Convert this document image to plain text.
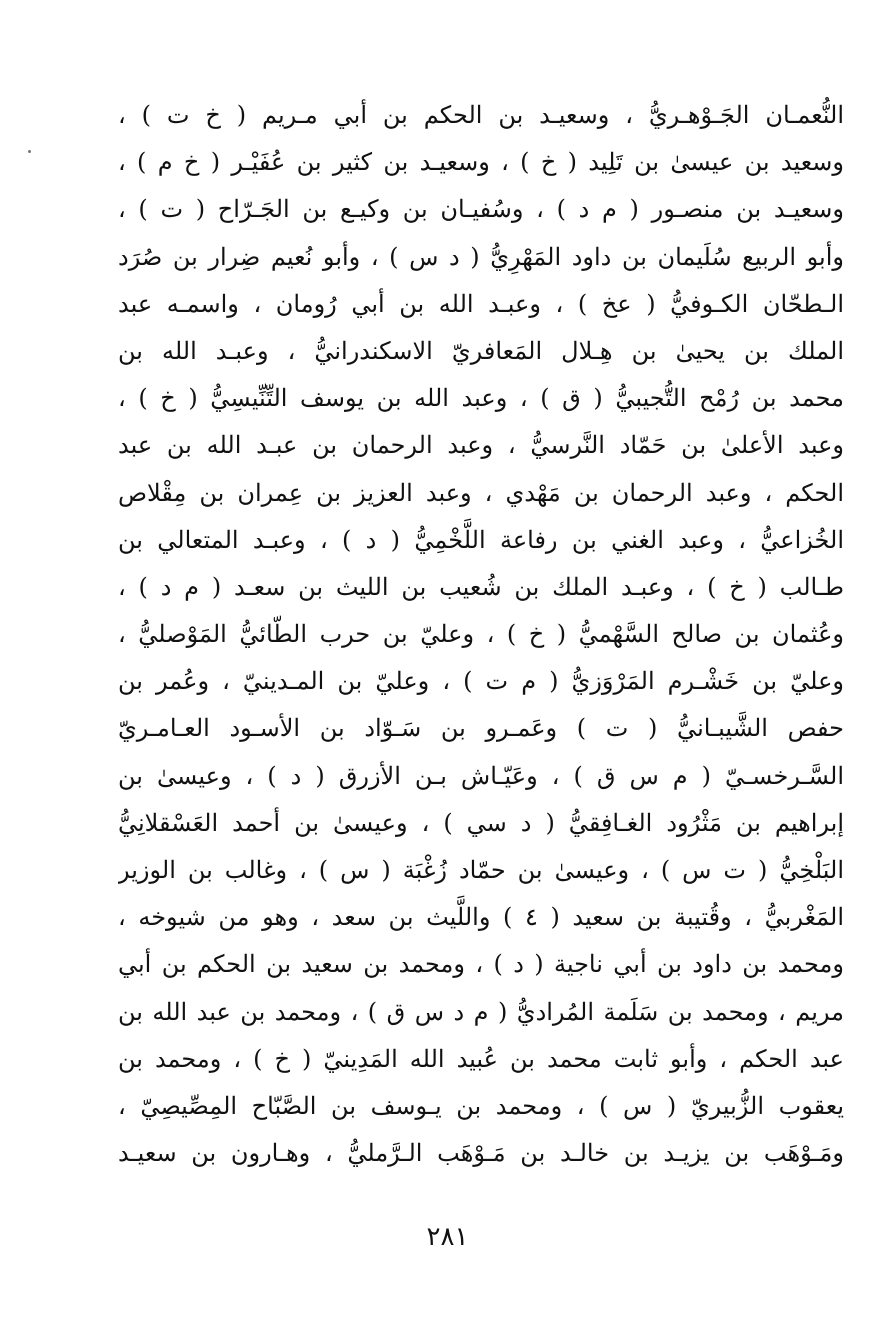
النُّعمـان الجَـوْهـريُّ ، وسعيـد بن الحكم بن أبي مـريم ( خ ت ) ،
وسعيد بن عيسىٰ بن تَلِيد ( خ ) ، وسعيـد بن كثير بن عُفَيْـر ( خ م ) ،
وسعيـد بن منصـور ( م د ) ، وسُفيـان بن وكيـع بن الجَـرّاح ( ت ) ،
وأبو الربيع سُلَيمان بن داود المَهْرِيُّ ( د س ) ، وأبو نُعيم ضِرار بن صُرَد
الـطحّان الكـوفيُّ ( عخ ) ، وعبـد الله بن أبي رُومان ، واسمـه عبد
الملك بن يحيىٰ بن هِـلال المَعافريّ الاسكندرانيُّ ، وعبـد الله بن
محمد بن رُمْح التُّجيبيُّ ( ق ) ، وعبد الله بن يوسف التِّنِّيسِيُّ ( خ ) ،
وعبد الأعلىٰ بن حَمّاد النَّرسيُّ ، وعبد الرحمان بن عبـد الله بن عبد
الحكم ، وعبد الرحمان بن مَهْدي ، وعبد العزيز بن عِمران بن مِقْلاص
الخُزاعيُّ ، وعبد الغني بن رفاعة اللَّخْمِيُّ ( د ) ، وعبـد المتعالي بن
طـالب ( خ ) ، وعبـد الملك بن شُعيب بن الليث بن سعـد ( م د ) ،
وعُثمان بن صالح السَّهْميُّ ( خ ) ، وعليّ بن حرب الطّائيُّ المَوْصليُّ ،
وعليّ بن خَشْـرم المَرْوَزيُّ ( م ت ) ، وعليّ بن المـدينيّ ، وعُمر بن
حفص الشَّيبـانيُّ ( ت ) وعَمـرو بن سَـوّاد بن الأسـود العـامـريّ
السَّـرخسـيّ ( م س ق ) ، وعَيّـاش بـن الأزرق ( د ) ، وعيسىٰ بن
إبراهيم بن مَثْرُود الغـافِقيُّ ( د سي ) ، وعيسىٰ بن أحمد العَسْقلانِيُّ
البَلْخِيُّ ( ت س ) ، وعيسىٰ بن حمّاد زُغْبَة ( س ) ، وغالب بن الوزير
المَغْربيُّ ، وقُتيبة بن سعيد ( ٤ ) واللَّيث بن سعد ، وهو من شيوخه ،
ومحمد بن داود بن أبي ناجية ( د ) ، ومحمد بن سعيد بن الحكم بن أبي
مريم ، ومحمد بن سَلَمة المُراديُّ ( م د س ق ) ، ومحمد بن عبد الله بن
عبد الحكم ، وأبو ثابت محمد بن عُبيد الله المَدِينيّ ( خ ) ، ومحمد بن
يعقوب الزُّبيريّ ( س ) ، ومحمد بن يـوسف بن الصَّبّاح المِصِّيصِيّ ،
ومَـوْهَب بن يزيـد بن خالـد بن مَـوْهَب الـرَّمليُّ ، وهـارون بن سعيـد
٢٨١
